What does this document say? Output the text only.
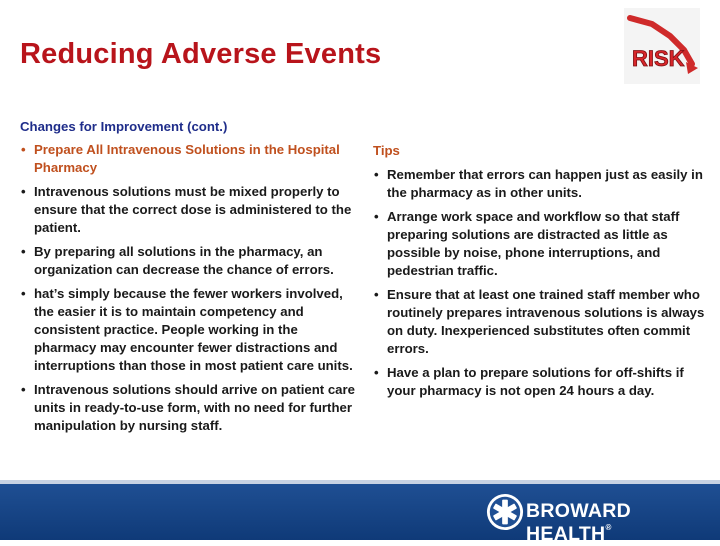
Reducing Adverse Events	RISK
Changes for Improvement (cont.)
• Prepare All Intravenous Solutions in the Hospital Pharmacy
• Intravenous solutions must be mixed properly to ensure that the correct dose is administered to the patient.
• By preparing all solutions in the pharmacy, an organization can decrease the chance of errors.
• hat’s simply because the fewer workers involved, the easier it is to maintain competency and consistent practice. People working in the pharmacy may encounter fewer distractions and interruptions than those in most patient care units.
• Intravenous solutions should arrive on patient care units in ready-to-use form, with no need for further manipulation by nursing staff.
Tips
• Remember that errors can happen just as easily in the pharmacy as in other units.
• Arrange work space and workflow so that staff preparing solutions are distracted as little as possible by noise, phone interruptions, and pedestrian traffic.
• Ensure that at least one trained staff member who routinely prepares intravenous solutions is always on duty. Inexperienced substitutes often commit errors.
• Have a plan to prepare solutions for off-shifts if your pharmacy is not open 24 hours a day.
BROWARD HEALTH®
